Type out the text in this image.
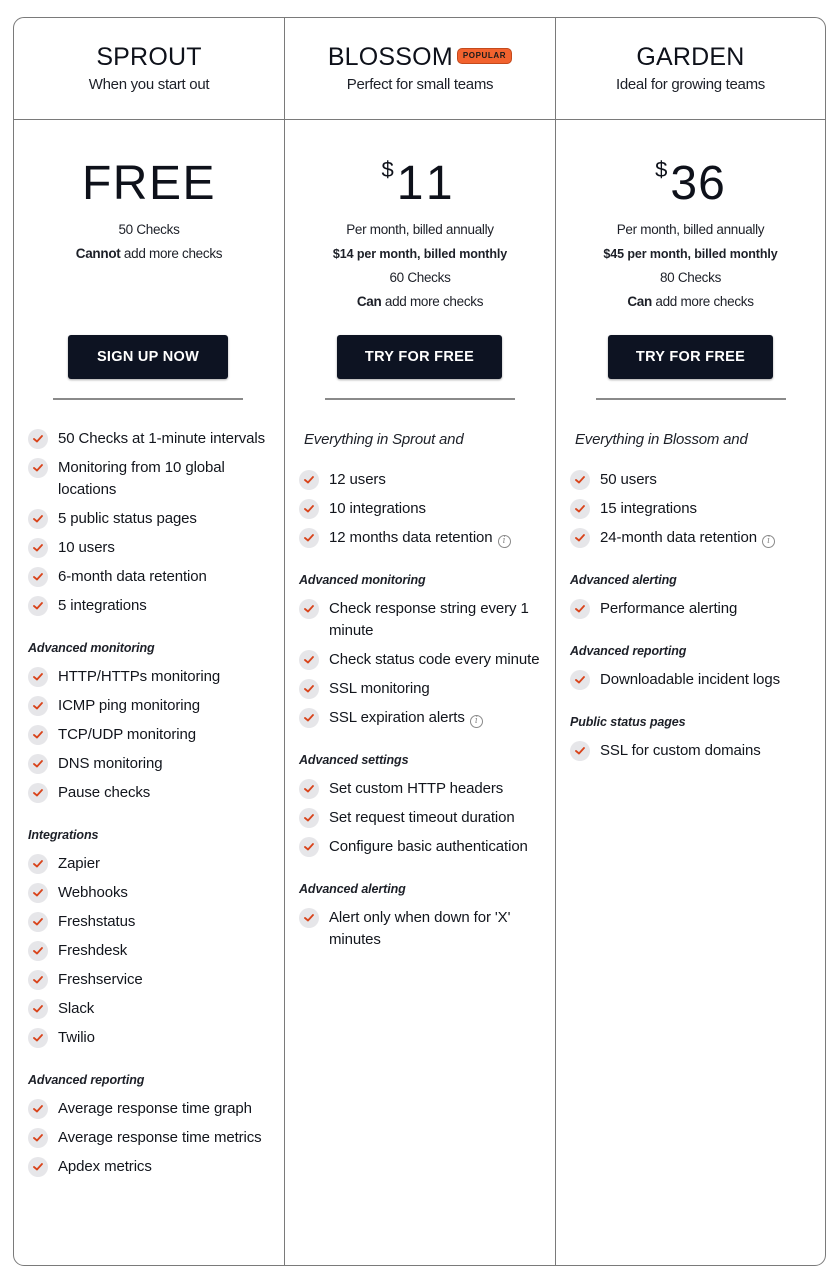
SPROUT
When you start out
FREE
50 Checks
Cannot add more checks
SIGN UP NOW
50 Checks at 1-minute intervals
Monitoring from 10 global locations
5 public status pages
10 users
6-month data retention
5 integrations
Advanced monitoring
HTTP/HTTPs monitoring
ICMP ping monitoring
TCP/UDP monitoring
DNS monitoring
Pause checks
Integrations
Zapier
Webhooks
Freshstatus
Freshdesk
Freshservice
Slack
Twilio
Advanced reporting
Average response time graph
Average response time metrics
Apdex metrics
BLOSSOM	POPULAR
Perfect for small teams
$11
Per month, billed annually
$14 per month, billed monthly
60 Checks
Can add more checks
TRY FOR FREE
Everything in Sprout and
12 users
10 integrations
12 months data retention i
Advanced monitoring
Check response string every 1 minute
Check status code every minute
SSL monitoring
SSL expiration alerts i
Advanced settings
Set custom HTTP headers
Set request timeout duration
Configure basic authentication
Advanced alerting
Alert only when down for 'X' minutes
GARDEN
Ideal for growing teams
$36
Per month, billed annually
$45 per month, billed monthly
80 Checks
Can add more checks
TRY FOR FREE
Everything in Blossom and
50 users
15 integrations
24-month data retention i
Advanced alerting
Performance alerting
Advanced reporting
Downloadable incident logs
Public status pages
SSL for custom domains
